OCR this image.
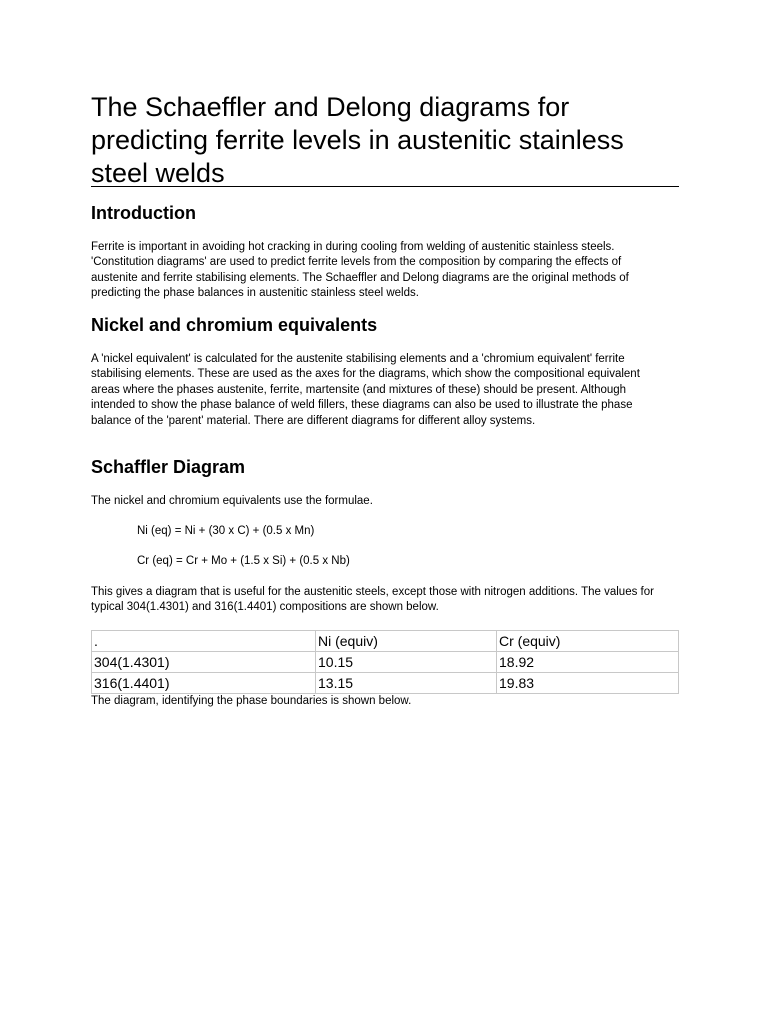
The Schaeffler and Delong diagrams for predicting ferrite levels in austenitic stainless steel welds
Introduction

Ferrite is important in avoiding hot cracking in during cooling from welding of austenitic stainless steels. 'Constitution diagrams' are used to predict ferrite levels from the composition by comparing the effects of austenite and ferrite stabilising elements. The Schaeffler and Delong diagrams are the original methods of predicting the phase balances in austenitic stainless steel welds.

Nickel and chromium equivalents

A 'nickel equivalent' is calculated for the austenite stabilising elements and a 'chromium equivalent' ferrite stabilising elements. These are used as the axes for the diagrams, which show the compositional equivalent areas where the phases austenite, ferrite, martensite (and mixtures of these) should be present. Although intended to show the phase balance of weld fillers, these diagrams can also be used to illustrate the phase balance of the 'parent' material. There are different diagrams for different alloy systems.

Schaffler Diagram

The nickel and chromium equivalents use the formulae.

Ni (eq) = Ni + (30 x C) + (0.5 x Mn)

Cr (eq) = Cr + Mo + (1.5 x Si) + (0.5 x Nb)

This gives a diagram that is useful for the austenitic steels, except those with nitrogen additions. The values for typical 304(1.4301) and 316(1.4401) compositions are shown below.

.	Ni (equiv)	Cr (equiv)
304(1.4301)	10.15	18.92
316(1.4401)	13.15	19.83

The diagram, identifying the phase boundaries is shown below.
